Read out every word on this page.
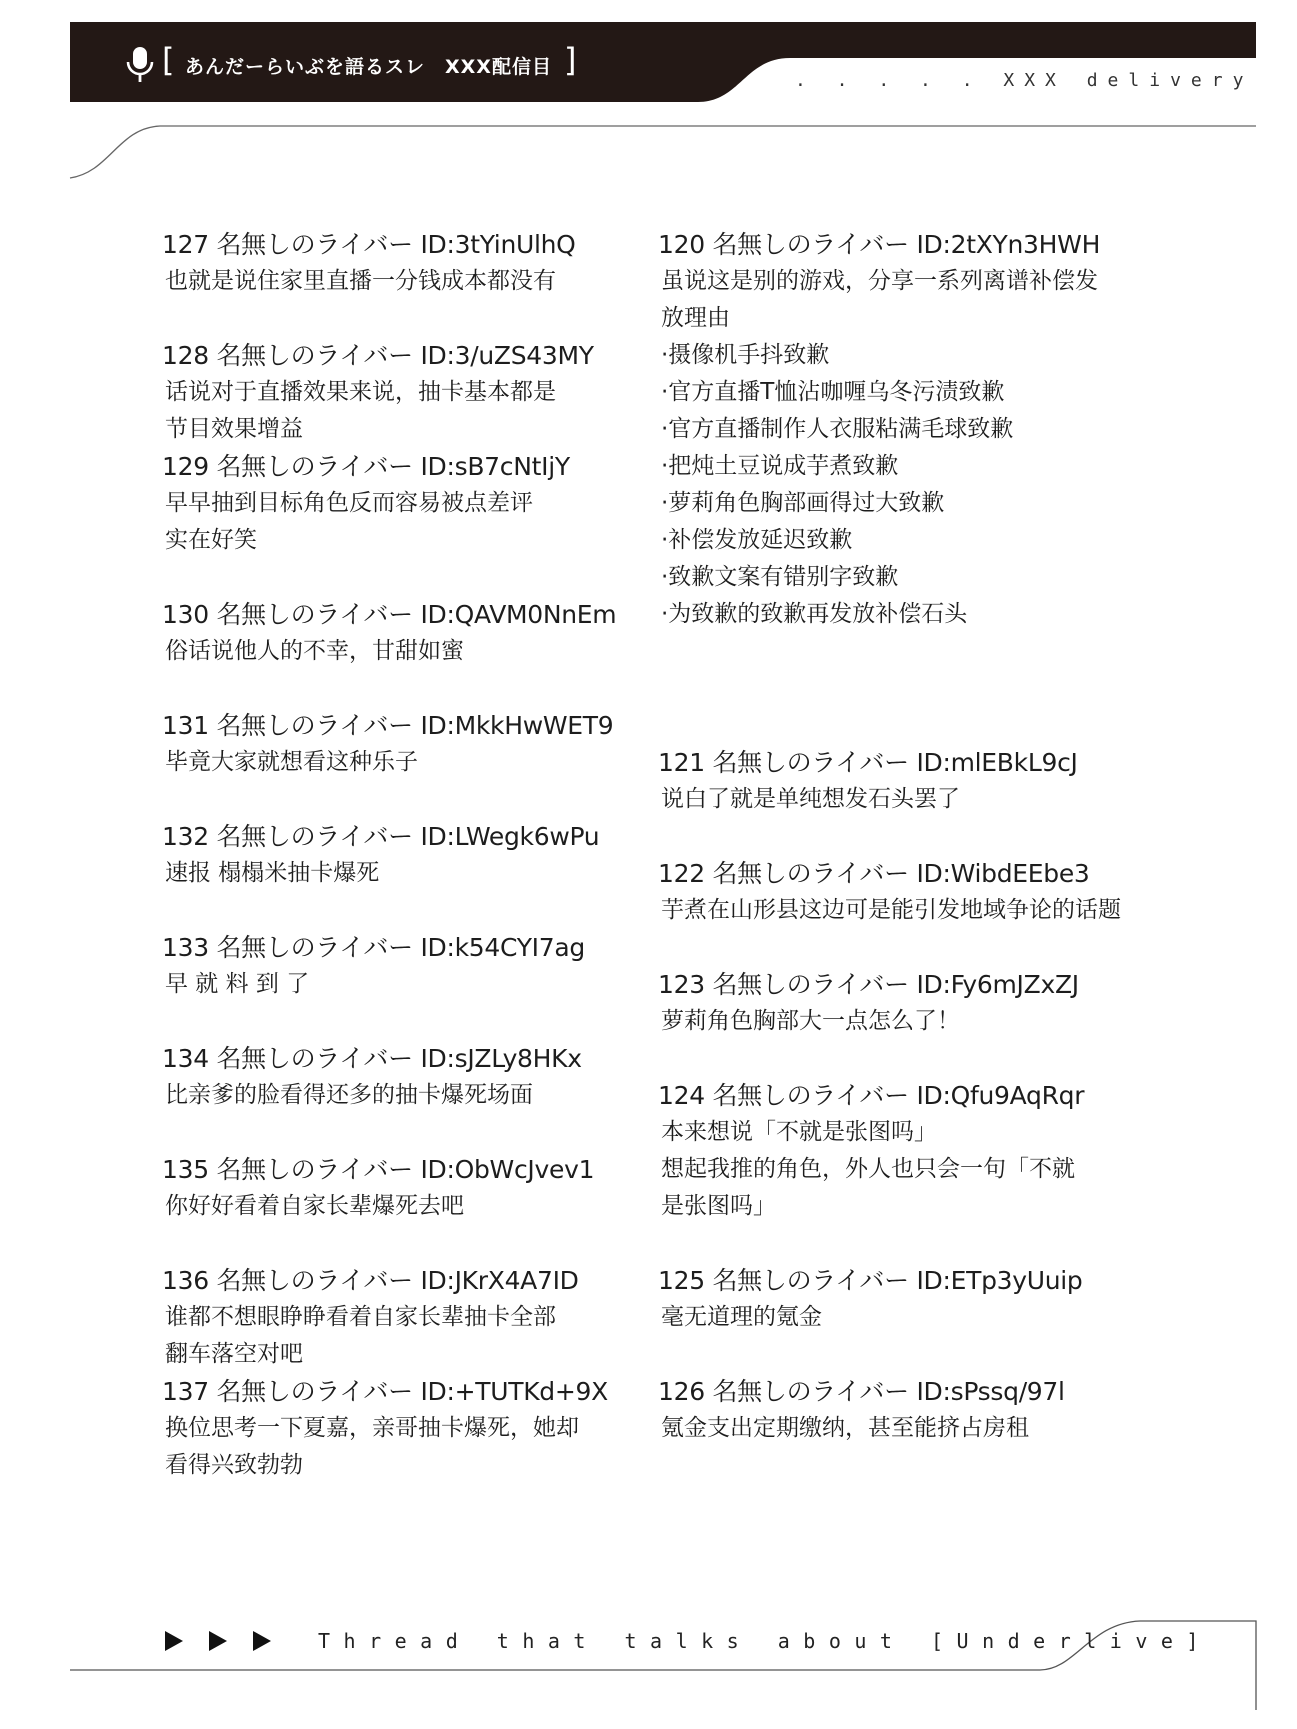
[ あんだーらいぶを語るスレ　XXX配信目 ]
. . . . . XXX delivery
127 名無しのライバー ID:3tYinUlhQ
也就是说住家里直播一分钱成本都没有
128 名無しのライバー ID:3/uZS43MY
话说对于直播效果来说，抽卡基本都是
节目效果增益
129 名無しのライバー ID:sB7cNtIjY
早早抽到目标角色反而容易被点差评
实在好笑
130 名無しのライバー ID:QAVM0NnEm
俗话说他人的不幸，甘甜如蜜
131 名無しのライバー ID:MkkHwWET9
毕竟大家就想看这种乐子
132 名無しのライバー ID:LWegk6wPu
速报 榻榻米抽卡爆死
133 名無しのライバー ID:k54CYI7ag
早 就 料 到 了
134 名無しのライバー ID:sJZLy8HKx
比亲爹的脸看得还多的抽卡爆死场面
135 名無しのライバー ID:ObWcJvev1
你好好看着自家长辈爆死去吧
136 名無しのライバー ID:JKrX4A7ID
谁都不想眼睁睁看着自家长辈抽卡全部
翻车落空对吧
137 名無しのライバー ID:+TUTKd+9X
换位思考一下夏嘉，亲哥抽卡爆死，她却
看得兴致勃勃
120 名無しのライバー ID:2tXYn3HWH
虽说这是别的游戏，分享一系列离谱补偿发
放理由
·摄像机手抖致歉
·官方直播T恤沾咖喱乌冬污渍致歉
·官方直播制作人衣服粘满毛球致歉
·把炖土豆说成芋煮致歉
·萝莉角色胸部画得过大致歉
·补偿发放延迟致歉
·致歉文案有错别字致歉
·为致歉的致歉再发放补偿石头
121 名無しのライバー ID:mlEBkL9cJ
说白了就是单纯想发石头罢了
122 名無しのライバー ID:WibdEEbe3
芋煮在山形县这边可是能引发地域争论的话题
123 名無しのライバー ID:Fy6mJZxZJ
萝莉角色胸部大一点怎么了！
124 名無しのライバー ID:Qfu9AqRqr
本来想说「不就是张图吗」
想起我推的角色，外人也只会一句「不就
是张图吗」
125 名無しのライバー ID:ETp3yUuip
毫无道理的氪金
126 名無しのライバー ID:sPssq/97l
氪金支出定期缴纳，甚至能挤占房租
Thread that talks about [Underlive]
